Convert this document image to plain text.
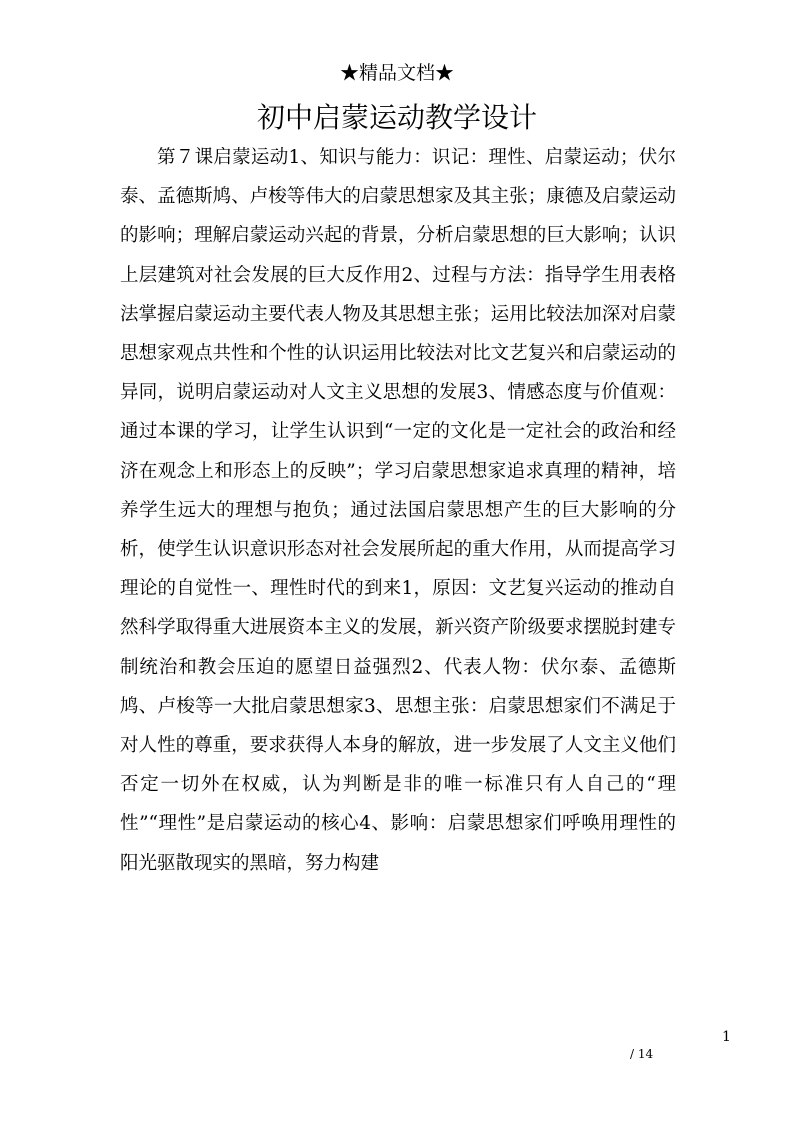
★精品文档★
初中启蒙运动教学设计

第７课启蒙运动1、知识与能力：识记：理性、启蒙运动；伏尔泰、孟德斯鸠、卢梭等伟大的启蒙思想家及其主张；康德及启蒙运动的影响；理解启蒙运动兴起的背景，分析启蒙思想的巨大影响；认识上层建筑对社会发展的巨大反作用2、过程与方法：指导学生用表格法掌握启蒙运动主要代表人物及其思想主张；运用比较法加深对启蒙思想家观点共性和个性的认识运用比较法对比文艺复兴和启蒙运动的异同，说明启蒙运动对人文主义思想的发展3、情感态度与价值观：通过本课的学习，让学生认识到“一定的文化是一定社会的政治和经济在观念上和形态上的反映”；学习启蒙思想家追求真理的精神，培养学生远大的理想与抱负；通过法国启蒙思想产生的巨大影响的分析，使学生认识意识形态对社会发展所起的重大作用，从而提高学习理论的自觉性一、理性时代的到来1，原因：文艺复兴运动的推动自然科学取得重大进展资本主义的发展，新兴资产阶级要求摆脱封建专制统治和教会压迫的愿望日益强烈2、代表人物：伏尔泰、孟德斯鸠、卢梭等一大批启蒙思想家3、思想主张：启蒙思想家们不满足于对人性的尊重，要求获得人本身的解放，进一步发展了人文主义他们否定一切外在权威，认为判断是非的唯一标准只有人自己的“理性”“理性”是启蒙运动的核心4、影响：启蒙思想家们呼唤用理性的阳光驱散现实的黑暗，努力构建

1
/ 14
